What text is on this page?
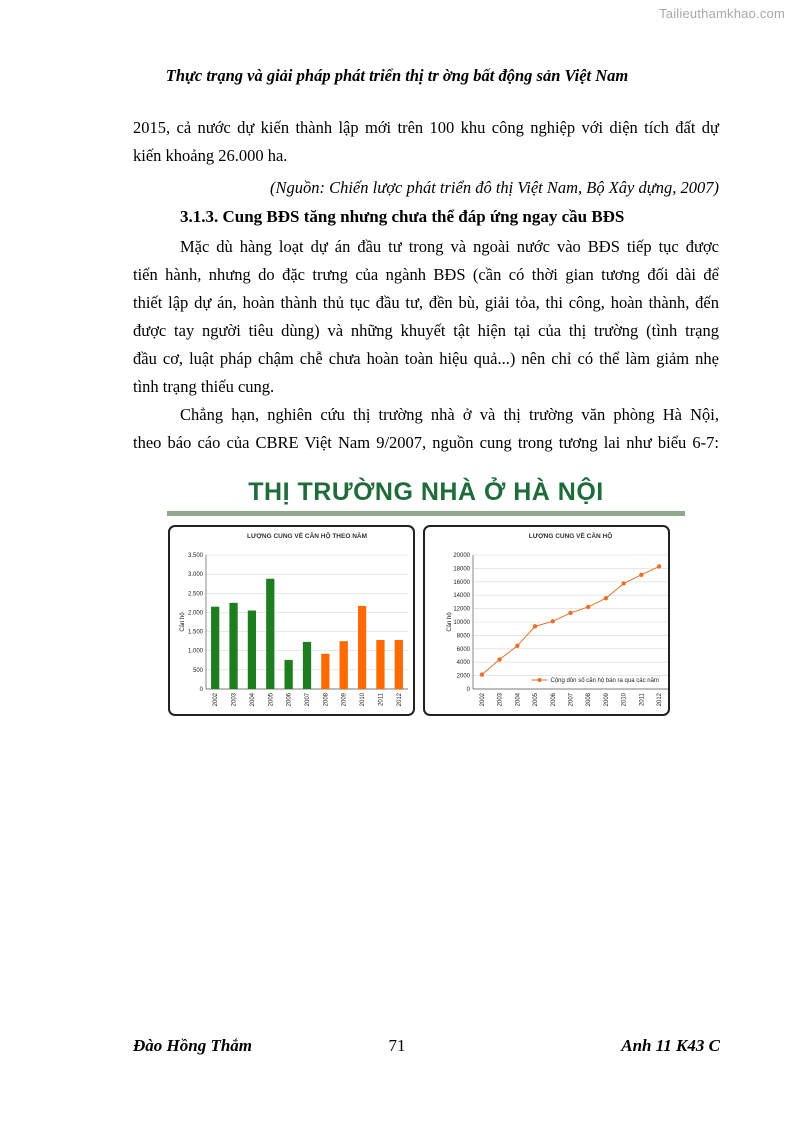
Tailieuthamkhao.com
Thực trạng và giải pháp phát triển thị tr ờng bất động sản Việt Nam
2015, cả nước dự kiến thành lập mới trên 100 khu công nghiệp với diện tích đất dự
kiến khoảng 26.000 ha.
(Nguồn: Chiến lược phát triển đô thị Việt Nam, Bộ Xây dựng, 2007)
3.1.3. Cung BĐS tăng nhưng chưa thể đáp ứng ngay cầu BĐS
Mặc dù hàng loạt dự án đầu tư trong và ngoài nước vào BĐS tiếp tục được
tiến hành, nhưng do đặc trưng của ngành BĐS (cần có thời gian tương đối dài để
thiết lập dự án, hoàn thành thủ tục đầu tư, đền bù, giải tỏa, thi công, hoàn thành, đến
được tay người tiêu dùng) và những khuyết tật hiện tại của thị trường (tình trạng
đầu cơ, luật pháp chậm chễ chưa hoàn toàn hiệu quả...) nên chỉ có thể làm giảm nhẹ
tình trạng thiếu cung.
Chẳng hạn, nghiên cứu thị trường nhà ở và thị trường văn phòng Hà Nội,
theo báo cáo của CBRE Việt Nam 9/2007, nguồn cung trong tương lai như biểu 6-7:
THỊ TRƯỜNG NHÀ Ở HÀ NỘI
LƯỢNG CUNG VỀ CĂN HỘ THEO NĂM
Căn hộ
0
500
1.000
1.500
2.000
2.500
3.000
3.500
2002 2003 2004 2005 2006 2007 2008 2009 2010 2011 2012
LƯỢNG CUNG VỀ CĂN HỘ
Căn hộ
0
2000
4000
6000
8000
10000
12000
14000
16000
18000
20000
2002 2003 2004 2005 2006 2007 2008 2009 2010 2011 2012
Cộng dồn số căn hộ bán ra qua các năm
Đào Hồng Thắm	71	Anh 11 K43 C
